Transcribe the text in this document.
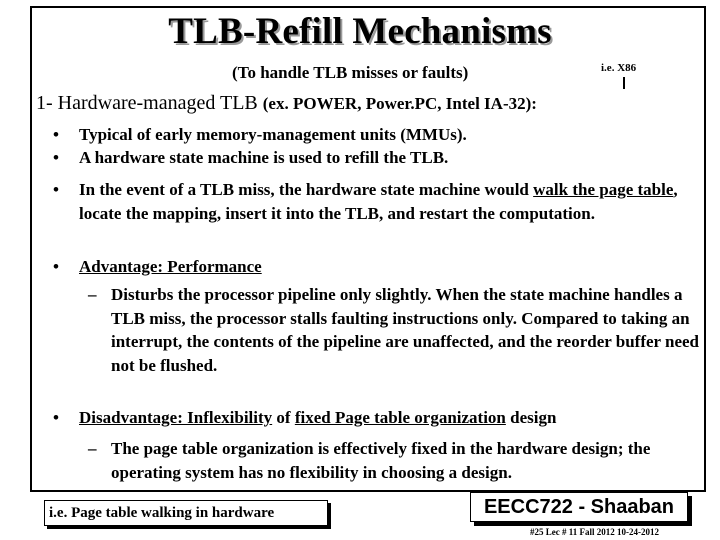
TLB-Refill Mechanisms
(To handle TLB misses or faults)	i.e. X86
1- Hardware-managed TLB (ex. POWER, Power.PC, Intel IA-32):
• Typical of early memory-management units (MMUs).
• A hardware state machine is used to refill the TLB.
• In the event of a TLB miss, the hardware state machine would walk the page table, locate the mapping, insert it into the TLB, and restart the computation.
• Advantage: Performance
– Disturbs the processor pipeline only slightly. When the state machine handles a TLB miss, the processor stalls faulting instructions only. Compared to taking an interrupt, the contents of the pipeline are unaffected, and the reorder buffer need not be flushed.
• Disadvantage: Inflexibility of fixed Page table organization design
– The page table organization is effectively fixed in the hardware design; the operating system has no flexibility in choosing a design.
i.e. Page table walking in hardware	EECC722 - Shaaban
#25 Lec # 11 Fall 2012 10-24-2012
